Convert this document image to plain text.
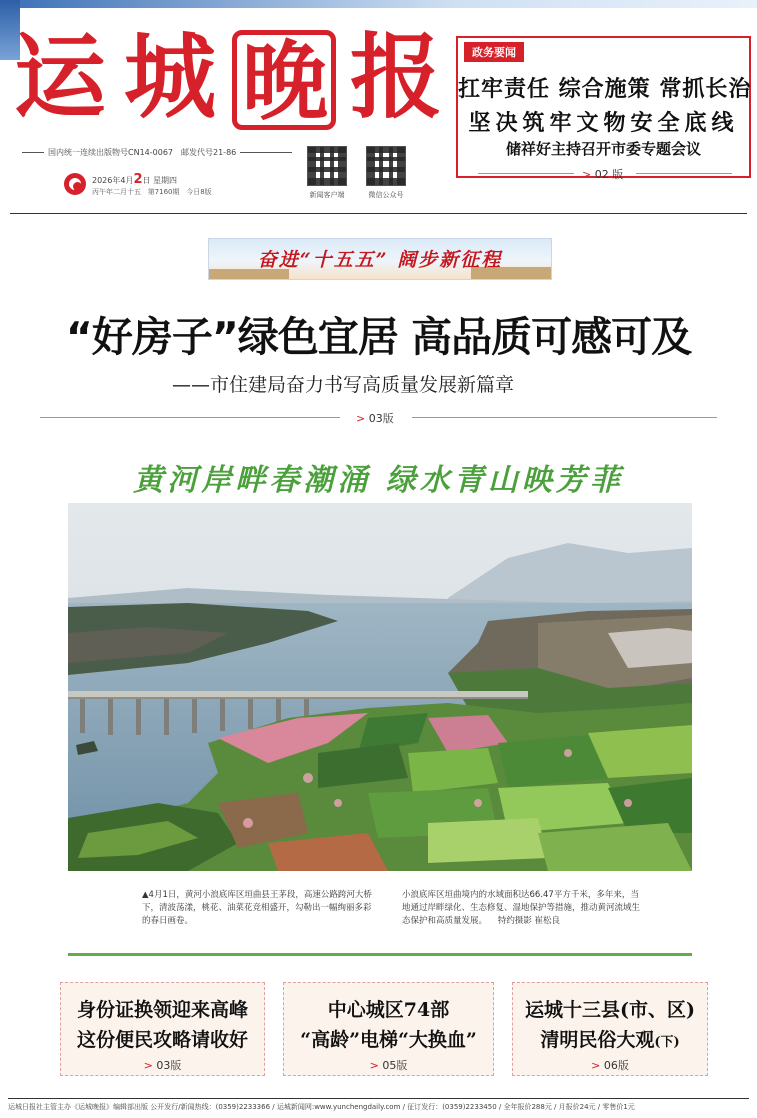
运 城 晚 报
国内统一连续出版物号CN14-0067 邮发代号21-86
2026年4月2日 星期四
丙午年二月十五 第7160期 今日8版	新闻客户端	微信公众号
政务要闻
扛牢责任 综合施策 常抓长治
坚决筑牢文物安全底线
储祥好主持召开市委专题会议
> 02 版
奋进“十五五” 阔步新征程
“好房子”绿色宜居 高品质可感可及
——市住建局奋力书写高质量发展新篇章
> 03版
黄河岸畔春潮涌 绿水青山映芳菲
▲4月1日，黄河小浪底库区垣曲县王茅段，高速公路跨河大桥下，清波荡漾，桃花、油菜花竞相盛开，勾勒出一幅绚丽多彩的春日画卷。
小浪底库区垣曲境内的水域面积达66.47平方千米，多年来，当地通过岸畔绿化、生态修复、湿地保护等措施，推动黄河流域生态保护和高质量发展。 特约摄影 崔松良
身份证换领迎来高峰
这份便民攻略请收好
> 03版
中心城区74部
“高龄”电梯“大换血”
> 05版
运城十三县(市、区)
清明民俗大观(下)
> 06版
运城日报社主管主办《运城晚报》编辑部出版 公开发行/新闻热线：(0359)2233366 / 运城新闻网:www.yunchengdaily.com / 征订发行：(0359)2233450 / 全年报价288元 / 月报价24元 / 零售价1元
